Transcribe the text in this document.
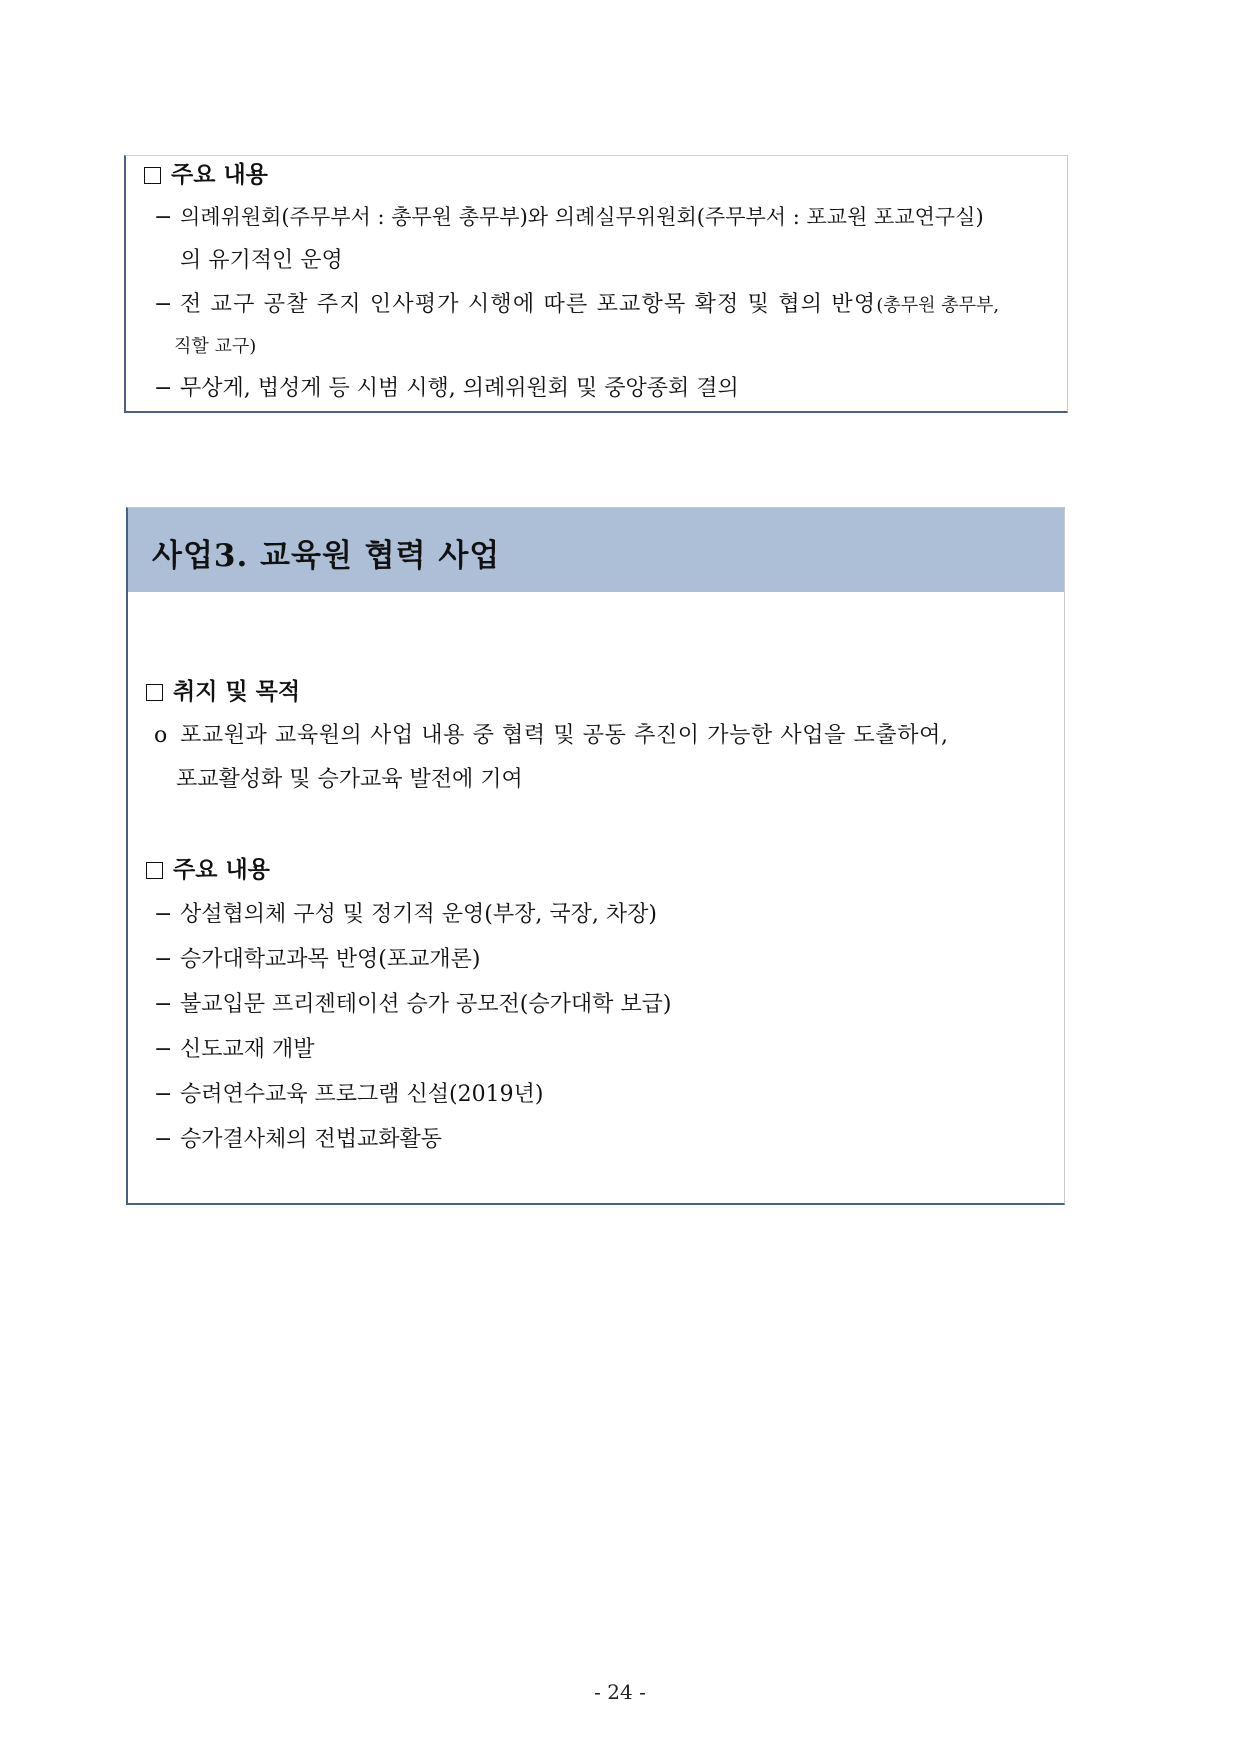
주요 내용
− 의례위원회(주무부서 : 총무원 총무부)와 의례실무위원회(주무부서 : 포교원 포교연구실)
의 유기적인 운영
− 전 교구 공찰 주지 인사평가 시행에 따른 포교항목 확정 및 협의 반영(총무원 총무부,
직할 교구)
− 무상게, 법성게 등 시범 시행, 의례위원회 및 중앙종회 결의
사업3. 교육원 협력 사업
취지 및 목적
o 포교원과 교육원의 사업 내용 중 협력 및 공동 추진이 가능한 사업을 도출하여,
포교활성화 및 승가교육 발전에 기여
주요 내용
− 상설협의체 구성 및 정기적 운영(부장, 국장, 차장)
− 승가대학교과목 반영(포교개론)
− 불교입문 프리젠테이션 승가 공모전(승가대학 보급)
− 신도교재 개발
− 승려연수교육 프로그램 신설(2019년)
− 승가결사체의 전법교화활동
- 24 -
